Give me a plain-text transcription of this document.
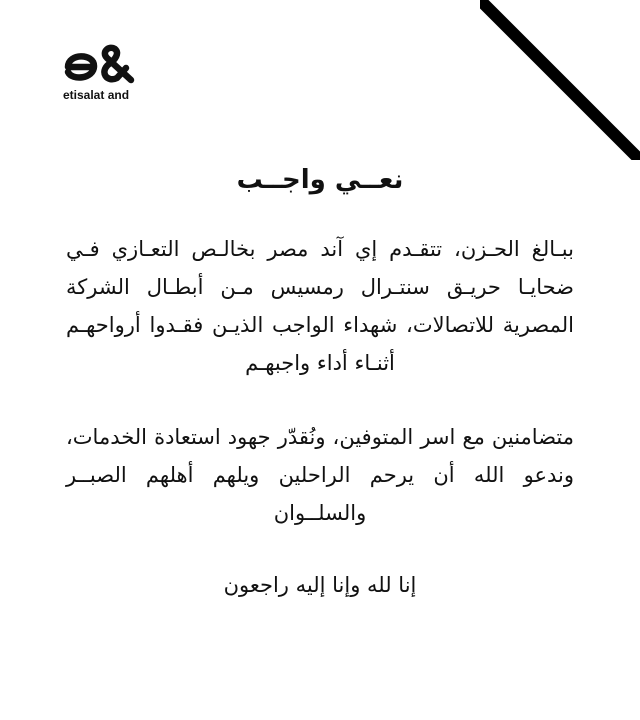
etisalat and
نعــي واجــب

ببـالغ الحـزن، تتقـدم إي آند مصر بخالـص التعـازي فـي ضحايـا حريـق سنتـرال رمسيس مـن أبطـال الشركة المصرية للاتصالات، شهداء الواجب الذيـن فقـدوا أرواحهـم أثنـاء أداء واجبهـم

متضامنين مع اسر المتوفين، ونُقدّر جهود استعادة الخدمات، وندعو الله أن يرحم الراحلين ويلهم أهلهم الصبــر والسلــوان

إنا لله وإنا إليه راجعون
